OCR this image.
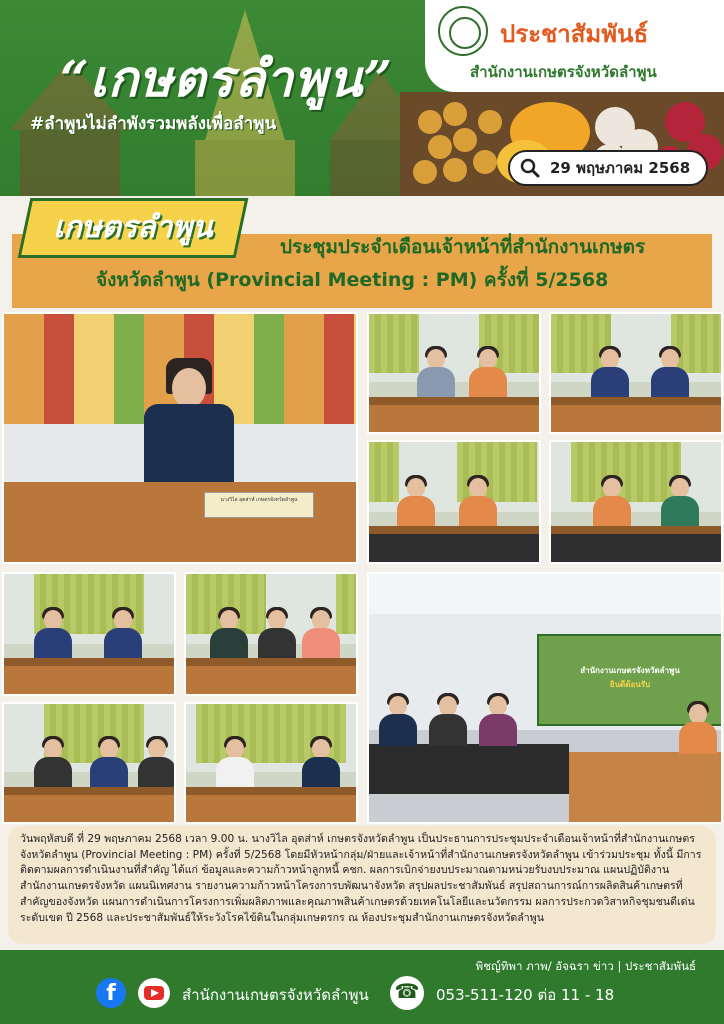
“เกษตรลำพูน”
#ลำพูนไม่ลำพังรวมพลังเพื่อลำพูน
ประชาสัมพันธ์
สำนักงานเกษตรจังหวัดลำพูน
29 พฤษภาคม 2568
เกษตรลำพูน
ประชุมประจำเดือนเจ้าหน้าที่สำนักงานเกษตร
จังหวัดลำพูน (Provincial Meeting : PM) ครั้งที่ 5/2568
นางวิไล อุตส่าห์ เกษตรจังหวัดลำพูน
สำนักงานเกษตรจังหวัดลำพูน
ยินดีต้อนรับ
วันพฤหัสบดี ที่ 29 พฤษภาคม 2568 เวลา 9.00 น. นางวิไล อุตส่าห์ เกษตรจังหวัดลำพูน เป็นประธานการประชุมประจำเดือนเจ้าหน้าที่สำนักงานเกษตรจังหวัดลำพูน (Provincial Meeting : PM) ครั้งที่ 5/2568 โดยมีหัวหน้ากลุ่ม/ฝ่ายและเจ้าหน้าที่สำนักงานเกษตรจังหวัดลำพูน เข้าร่วมประชุม ทั้งนี้ มีการติดตามผลการดำเนินงานที่สำคัญ ได้แก่ ข้อมูลและความก้าวหน้าลูกหนี้ คชก. ผลการเบิกจ่ายงบประมาณตามหน่วยรับงบประมาณ แผนปฏิบัติงานสำนักงานเกษตรจังหวัด แผนนิเทศงาน รายงานความก้าวหน้าโครงการบพัฒนาจังหวัด สรุปผลประชาสัมพันธ์ สรุปสถานการณ์การผลิตสินค้าเกษตรที่สำคัญของจังหวัด แผนการดำเนินการโครงการเพิ่มผลิตภาพและคุณภาพสินค้าเกษตรด้วยเทคโนโลยีและนวัตกรรม ผลการประกวดวิสาหกิจชุมชนดีเด่น ระดับเขต ปี 2568 และประชาสัมพันธ์ให้ระวังโรคไข้ดินในกลุ่มเกษตรกร ณ ห้องประชุมสำนักงานเกษตรจังหวัดลำพูน
พิชญ์ทิพา ภาพ/ อัจฉรา ข่าว | ประชาสัมพันธ์
f	สำนักงานเกษตรจังหวัดลำพูน
☎	053-511-120 ต่อ 11 - 18
